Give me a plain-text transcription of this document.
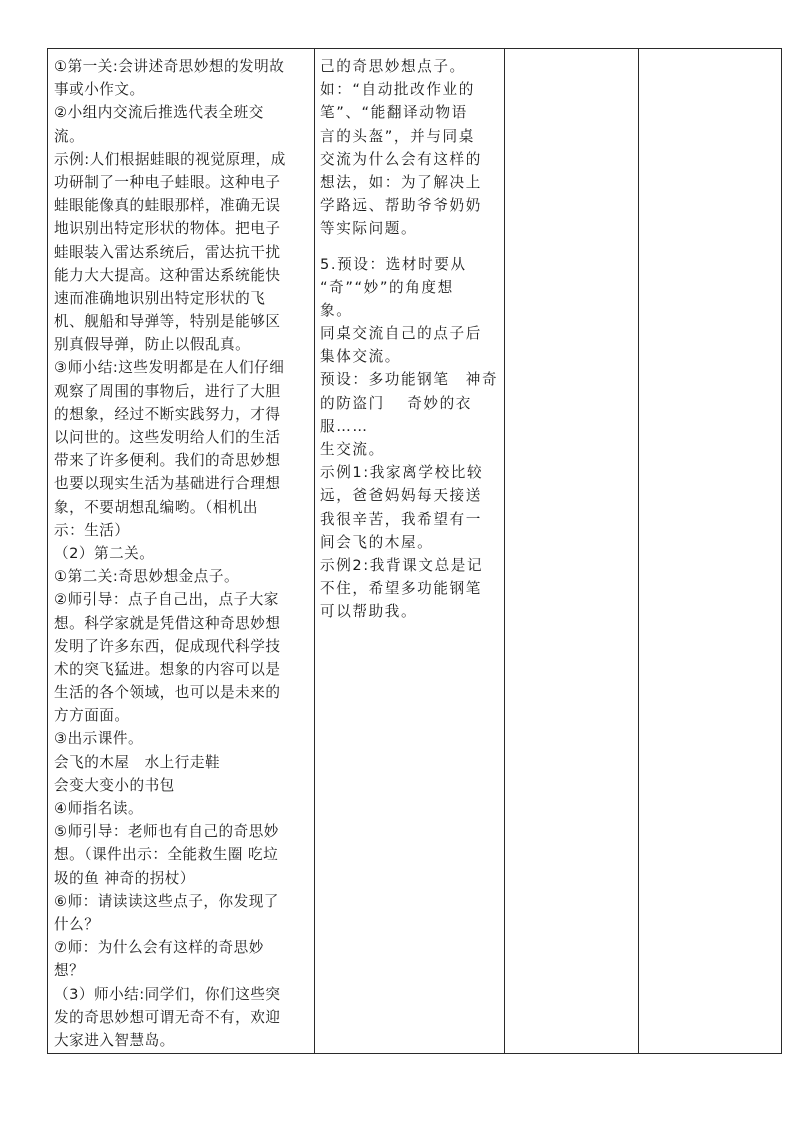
①第一关:会讲述奇思妙想的发明故
事或小作文。
②小组内交流后推选代表全班交
流。
示例:人们根据蛙眼的视觉原理，成
功研制了一种电子蛙眼。这种电子
蛙眼能像真的蛙眼那样，准确无误
地识别出特定形状的物体。把电子
蛙眼装入雷达系统后，雷达抗干扰
能力大大提高。这种雷达系统能快
速而准确地识别出特定形状的飞
机、舰船和导弹等，特别是能够区
别真假导弹，防止以假乱真。
③师小结:这些发明都是在人们仔细
观察了周围的事物后，进行了大胆
的想象，经过不断实践努力，才得
以问世的。这些发明给人们的生活
带来了许多便利。我们的奇思妙想
也要以现实生活为基础进行合理想
象，不要胡想乱编哟。（相机出
示：生活）
（2）第二关。
①第二关:奇思妙想金点子。
②师引导：点子自己出，点子大家
想。科学家就是凭借这种奇思妙想
发明了许多东西，促成现代科学技
术的突飞猛进。想象的内容可以是
生活的各个领域，也可以是未来的
方方面面。
③出示课件。
会飞的木屋　水上行走鞋
会变大变小的书包
④师指名读。
⑤师引导：老师也有自己的奇思妙
想。（课件出示：全能救生圈 吃垃
圾的鱼 神奇的拐杖）
⑥师：请读读这些点子，你发现了
什么？
⑦师：为什么会有这样的奇思妙
想？
（3）师小结:同学们，你们这些突
发的奇思妙想可谓无奇不有，欢迎
大家进入智慧岛。

己的奇思妙想点子。
如：“自动批改作业的
笔”、“能翻译动物语
言的头盔”，并与同桌
交流为什么会有这样的
想法，如：为了解决上
学路远、帮助爷爷奶奶
等实际问题。
5.预设：选材时要从
“奇”“妙”的角度想
象。
同桌交流自己的点子后
集体交流。
预设：多功能钢笔　神奇
的防盗门　 奇妙的衣
服……
生交流。
示例1:我家离学校比较
远，爸爸妈妈每天接送
我很辛苦，我希望有一
间会飞的木屋。
示例2:我背课文总是记
不住，希望多功能钢笔
可以帮助我。
